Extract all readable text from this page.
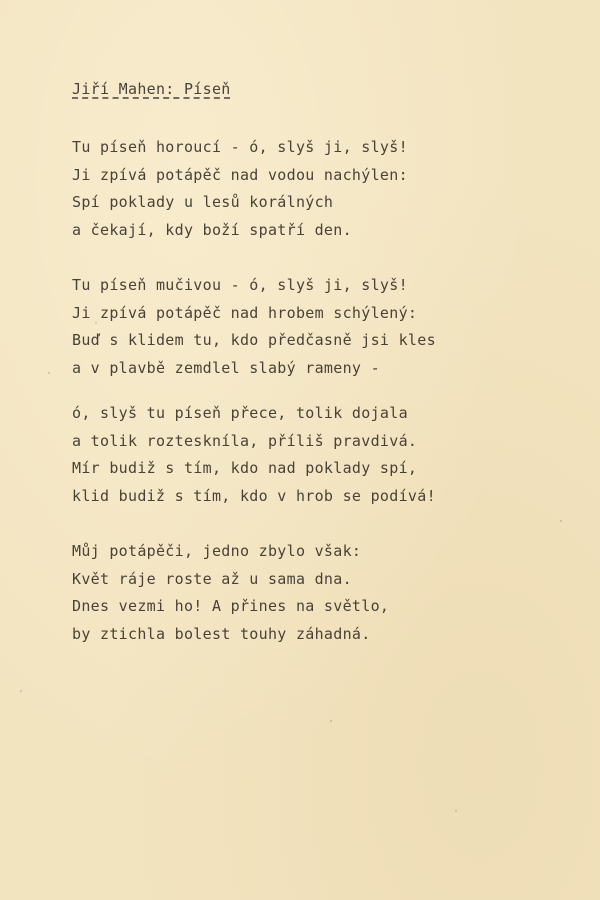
Jiří Mahen: Píseň
Tu píseň horoucí - ó, slyš ji, slyš!
Ji zpívá potápěč nad vodou nachýlen:
Spí poklady u lesů korálných
a čekají, kdy boží spatří den.
Tu píseň mučivou - ó, slyš ji, slyš!
Ji zpívá potápěč nad hrobem schýlený:
Buď s klidem tu, kdo předčasně jsi kles
a v plavbě zemdlel slabý rameny -
ó, slyš tu píseň přece, tolik dojala
a tolik rozteskníla, příliš pravdivá.
Mír budiž s tím, kdo nad poklady spí,
klid budiž s tím, kdo v hrob se podívá!
Můj potápěči, jedno zbylo však:
Květ ráje roste až u sama dna.
Dnes vezmi ho! A přines na světlo,
by ztichla bolest touhy záhadná.
